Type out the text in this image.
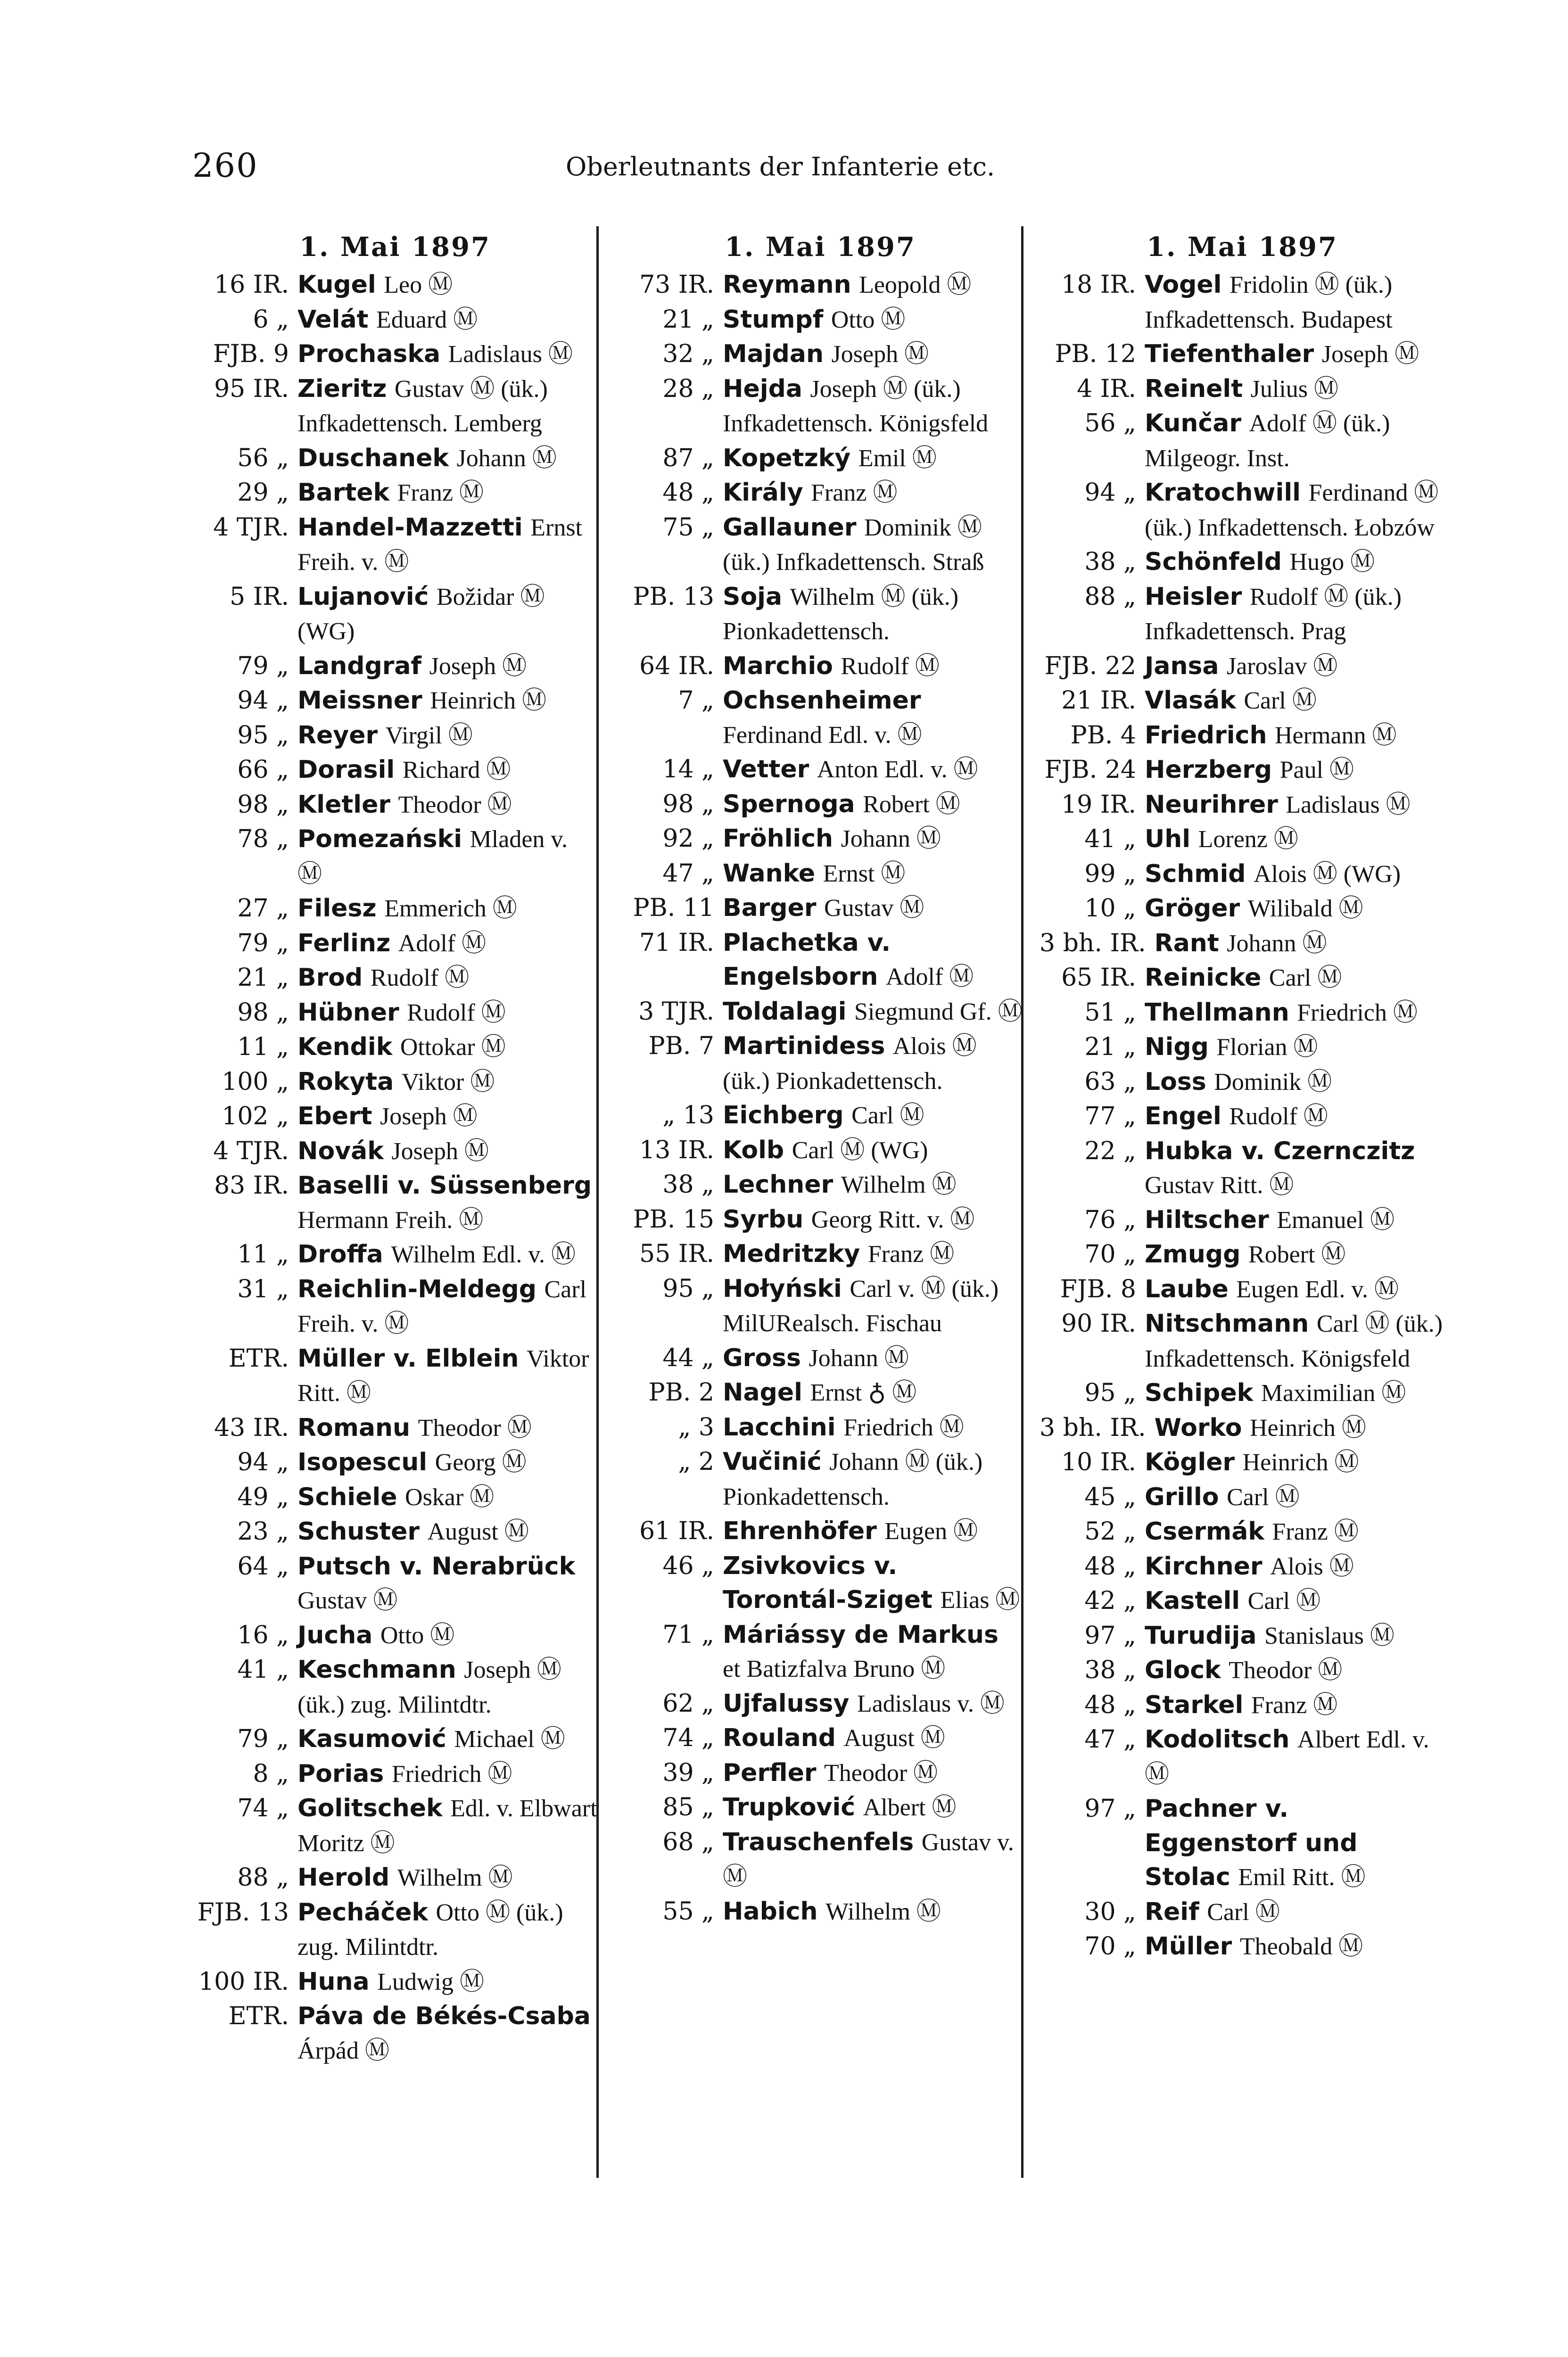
260	Oberleutnants der Infanterie etc.
1. Mai 1897
16 IR. Kugel Leo Ⓜ
6 „ Velát Eduard Ⓜ
FJB. 9 Prochaska Ladislaus Ⓜ
95 IR. Zieritz Gustav Ⓜ (ük.) Infkadettensch. Lemberg
56 „ Duschanek Johann Ⓜ
29 „ Bartek Franz Ⓜ
4 TJR. Handel-Mazzetti Ernst Freih. v. Ⓜ
5 IR. Lujanović Božidar Ⓜ (WG)
79 „ Landgraf Joseph Ⓜ
94 „ Meissner Heinrich Ⓜ
95 „ Reyer Virgil Ⓜ
66 „ Dorasil Richard Ⓜ
98 „ Kletler Theodor Ⓜ
78 „ Pomezański Mladen v. Ⓜ
27 „ Filesz Emmerich Ⓜ
79 „ Ferlinz Adolf Ⓜ
21 „ Brod Rudolf Ⓜ
98 „ Hübner Rudolf Ⓜ
11 „ Kendik Ottokar Ⓜ
100 „ Rokyta Viktor Ⓜ
102 „ Ebert Joseph Ⓜ
4 TJR. Novák Joseph Ⓜ
83 IR. Baselli v. Süssenberg Hermann Freih. Ⓜ
11 „ Droffa Wilhelm Edl. v. Ⓜ
31 „ Reichlin-Meldegg Carl Freih. v. Ⓜ
ETR. Müller v. Elblein Viktor Ritt. Ⓜ
43 IR. Romanu Theodor Ⓜ
94 „ Isopescul Georg Ⓜ
49 „ Schiele Oskar Ⓜ
23 „ Schuster August Ⓜ
64 „ Putsch v. Nerabrück Gustav Ⓜ
16 „ Jucha Otto Ⓜ
41 „ Keschmann Joseph Ⓜ (ük.) zug. Milintdtr.
79 „ Kasumović Michael Ⓜ
8 „ Porias Friedrich Ⓜ
74 „ Golitschek Edl. v. Elbwart Moritz Ⓜ
88 „ Herold Wilhelm Ⓜ
FJB. 13 Pecháček Otto Ⓜ (ük.) zug. Milintdtr.
100 IR. Huna Ludwig Ⓜ
ETR. Páva de Békés-Csaba Árpád Ⓜ
1. Mai 1897
73 IR. Reymann Leopold Ⓜ
21 „ Stumpf Otto Ⓜ
32 „ Majdan Joseph Ⓜ
28 „ Hejda Joseph Ⓜ (ük.) Infkadettensch. Königsfeld
87 „ Kopetzký Emil Ⓜ
48 „ Király Franz Ⓜ
75 „ Gallauner Dominik Ⓜ (ük.) Infkadettensch. Straß
PB. 13 Soja Wilhelm Ⓜ (ük.) Pionkadettensch.
64 IR. Marchio Rudolf Ⓜ
7 „ Ochsenheimer Ferdinand Edl. v. Ⓜ
14 „ Vetter Anton Edl. v. Ⓜ
98 „ Spernoga Robert Ⓜ
92 „ Fröhlich Johann Ⓜ
47 „ Wanke Ernst Ⓜ
PB. 11 Barger Gustav Ⓜ
71 IR. Plachetka v. Engelsborn Adolf Ⓜ
3 TJR. Toldalagi Siegmund Gf. Ⓜ
PB. 7 Martinidess Alois Ⓜ (ük.) Pionkadettensch.
„ 13 Eichberg Carl Ⓜ
13 IR. Kolb Carl Ⓜ (WG)
38 „ Lechner Wilhelm Ⓜ
PB. 15 Syrbu Georg Ritt. v. Ⓜ
55 IR. Medritzky Franz Ⓜ
95 „ Hołyński Carl v. Ⓜ (ük.) MilURealsch. Fischau
44 „ Gross Johann Ⓜ
PB. 2 Nagel Ernst ♁ Ⓜ
„ 3 Lacchini Friedrich Ⓜ
„ 2 Vučinić Johann Ⓜ (ük.) Pionkadettensch.
61 IR. Ehrenhöfer Eugen Ⓜ
46 „ Zsivkovics v. Torontál-Sziget Elias Ⓜ
71 „ Máriássy de Markus et Batizfalva Bruno Ⓜ
62 „ Ujfalussy Ladislaus v. Ⓜ
74 „ Rouland August Ⓜ
39 „ Perfler Theodor Ⓜ
85 „ Trupković Albert Ⓜ
68 „ Trauschenfels Gustav v. Ⓜ
55 „ Habich Wilhelm Ⓜ
1. Mai 1897
18 IR. Vogel Fridolin Ⓜ (ük.) Infkadettensch. Budapest
PB. 12 Tiefenthaler Joseph Ⓜ
4 IR. Reinelt Julius Ⓜ
56 „ Kunčar Adolf Ⓜ (ük.) Milgeogr. Inst.
94 „ Kratochwill Ferdinand Ⓜ (ük.) Infkadettensch. Łobzów
38 „ Schönfeld Hugo Ⓜ
88 „ Heisler Rudolf Ⓜ (ük.) Infkadettensch. Prag
FJB. 22 Jansa Jaroslav Ⓜ
21 IR. Vlasák Carl Ⓜ
PB. 4 Friedrich Hermann Ⓜ
FJB. 24 Herzberg Paul Ⓜ
19 IR. Neurihrer Ladislaus Ⓜ
41 „ Uhl Lorenz Ⓜ
99 „ Schmid Alois Ⓜ (WG)
10 „ Gröger Wilibald Ⓜ
3 bh. IR. Rant Johann Ⓜ
65 IR. Reinicke Carl Ⓜ
51 „ Thellmann Friedrich Ⓜ
21 „ Nigg Florian Ⓜ
63 „ Loss Dominik Ⓜ
77 „ Engel Rudolf Ⓜ
22 „ Hubka v. Czernczitz Gustav Ritt. Ⓜ
76 „ Hiltscher Emanuel Ⓜ
70 „ Zmugg Robert Ⓜ
FJB. 8 Laube Eugen Edl. v. Ⓜ
90 IR. Nitschmann Carl Ⓜ (ük.) Infkadettensch. Königsfeld
95 „ Schipek Maximilian Ⓜ
3 bh. IR. Worko Heinrich Ⓜ
10 IR. Kögler Heinrich Ⓜ
45 „ Grillo Carl Ⓜ
52 „ Csermák Franz Ⓜ
48 „ Kirchner Alois Ⓜ
42 „ Kastell Carl Ⓜ
97 „ Turudija Stanislaus Ⓜ
38 „ Glock Theodor Ⓜ
48 „ Starkel Franz Ⓜ
47 „ Kodolitsch Albert Edl. v. Ⓜ
97 „ Pachner v. Eggenstorf und Stolac Emil Ritt. Ⓜ
30 „ Reif Carl Ⓜ
70 „ Müller Theobald Ⓜ
